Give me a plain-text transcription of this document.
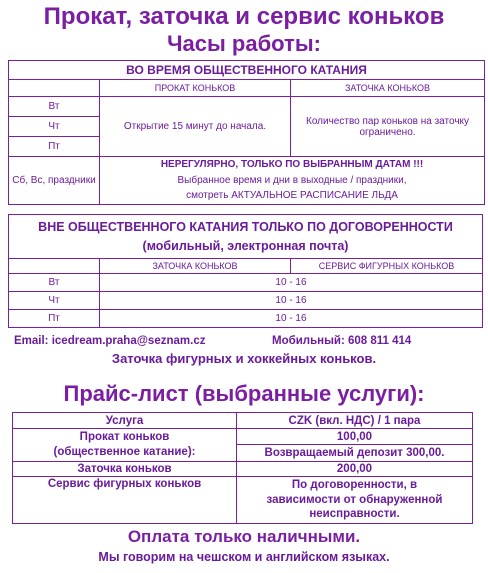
Прокат, заточка и сервис коньков
Часы работы:
ВО ВРЕМЯ ОБЩЕСТВЕННОГО КАТАНИЯ		
	ПРОКАТ КОНЬКОВ	ЗАТОЧКА КОНЬКОВ
Вт	Открытие 15 минут до начала.	Количество пар коньков на заточку ограничено.
Чт		
Пт		
Сб, Вс, праздники	НЕРЕГУЛЯРНО, ТОЛЬКО ПО ВЫБРАННЫМ ДАТАМ !!!
Выбранное время и дни в выходные / праздники,
смотреть АКТУАЛЬНОЕ РАСПИСАНИЕ ЛЬДА	
ВНЕ ОБЩЕСТВЕННОГО КАТАНИЯ ТОЛЬКО ПО ДОГОВОРЕННОСТИ (мобильный, электронная почта)		
	ЗАТОЧКА КОНЬКОВ	СЕРВИС ФИГУРНЫХ КОНЬКОВ
Вт	10 - 16	
Чт	10 - 16	
Пт	10 - 16	
Email: icedream.praha@seznam.cz	Мобильный: 608 811 414
Заточка фигурных и хоккейных коньков.
Прайс-лист (выбранные услуги):
Услуга	CZK (вкл. НДС) / 1 пара

Прокат коньков
(общественное катание):	100,00
	Возвращаемый депозит 300,00.
Заточка коньков	200,00
Сервис фигурных коньков	По договоренности, в
зависимости от обнаруженной
неисправности.
Оплата только наличными.
Мы говорим на чешском и английском языках.
